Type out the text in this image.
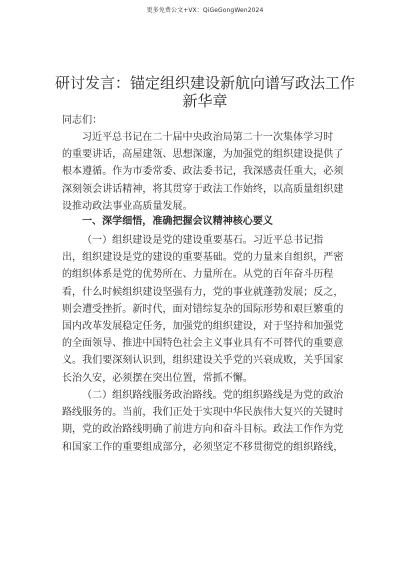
更多免费公文+VX：QiGeGongWen2024
研讨发言：锚定组织建设新航向谱写政法工作
新华章
同志们：
习近平总书记在二十届中央政治局第二十一次集体学习时
的重要讲话，高屋建瓴、思想深邃，为加强党的组织建设提供了
根本遵循。作为市委常委、政法委书记，我深感责任重大，必须
深刻领会讲话精神，将其贯穿于政法工作始终，以高质量组织建
设推动政法事业高质量发展。
一、深学细悟，准确把握会议精神核心要义
（一）组织建设是党的建设重要基石。习近平总书记指
出，组织建设是党的建设的重要基础。党的力量来自组织，严密
的组织体系是党的优势所在、力量所在。从党的百年奋斗历程
看，什么时候组织建设坚强有力，党的事业就蓬勃发展；反之，
则会遭受挫折。新时代，面对错综复杂的国际形势和艰巨繁重的
国内改革发展稳定任务，加强党的组织建设，对于坚持和加强党
的全面领导、推进中国特色社会主义事业具有不可替代的重要意
义。我们要深刻认识到，组织建设关乎党的兴衰成败，关乎国家
长治久安，必须摆在突出位置，常抓不懈。
（二）组织路线服务政治路线。党的组织路线是为党的政治
路线服务的。当前，我们正处于实现中华民族伟大复兴的关键时
期，党的政治路线明确了前进方向和奋斗目标。政法工作作为党
和国家工作的重要组成部分，必须坚定不移贯彻党的组织路线，
